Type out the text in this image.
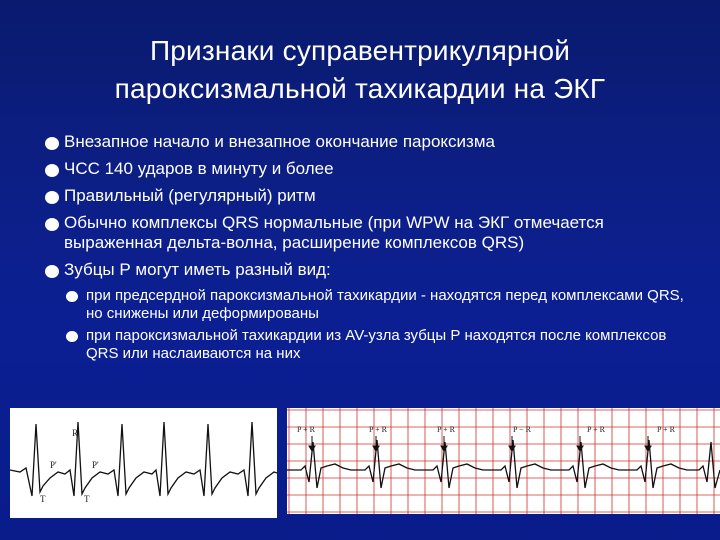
Признаки суправентрикулярной
пароксизмальной тахикардии на ЭКГ
Внезапное начало и внезапное окончание пароксизма
ЧСС 140 ударов в минуту и более
Правильный (регулярный) ритм
Обычно комплексы QRS нормальные (при WPW на ЭКГ отмечается выраженная дельта-волна, расширение комплексов QRS)
Зубцы Р могут иметь разный вид:
при предсердной пароксизмальной тахикардии - находятся перед комплексами QRS, но снижены или деформированы
при пароксизмальной тахикардии из AV-узла зубцы Р находятся после комплексов QRS или наслаиваются на них
R
P'	P'
T	T
P + R	P + R	P + R	P − R	P + R	P + R
